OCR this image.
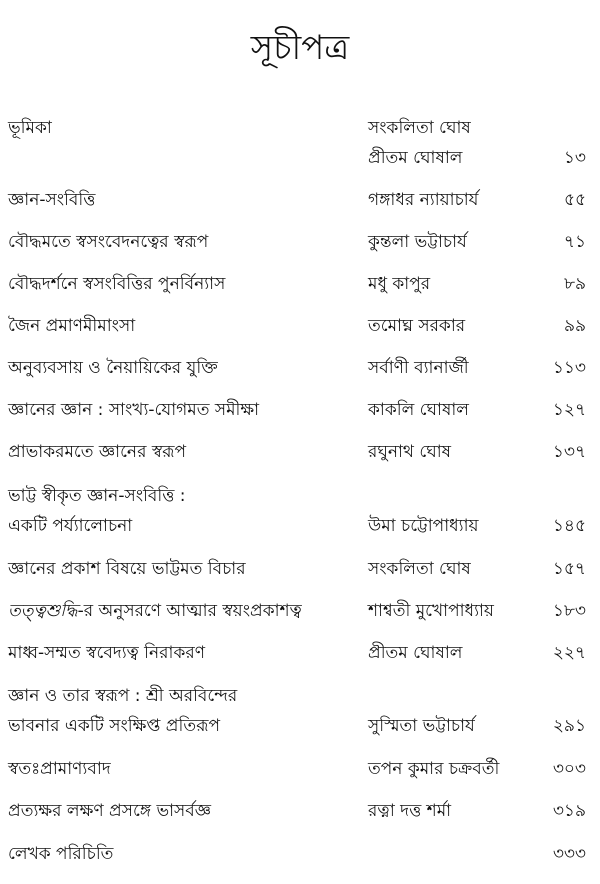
সূচীপত্র
ভূমিকা	সংকলিতা ঘোষ
প্রীতম ঘোষাল	১৩
জ্ঞান-সংবিত্তি	গঙ্গাধর ন্যায়াচার্য	৫৫
বৌদ্ধমতে স্বসংবেদনত্বের স্বরূপ	কুন্তলা ভট্টাচার্য	৭১
বৌদ্ধদর্শনে স্বসংবিত্তির পুনর্বিন্যাস	মধু কাপুর	৮৯
জৈন প্রমাণমীমাংসা	তমোঘ্ন সরকার	৯৯
অনুব্যবসায় ও নৈয়ায়িকের যুক্তি	সর্বাণী ব্যানার্জী	১১৩
জ্ঞানের জ্ঞান : সাংখ্য-যোগমত সমীক্ষা	কাকলি ঘোষাল	১২৭
প্রাভাকরমতে জ্ঞানের স্বরূপ	রঘুনাথ ঘোষ	১৩৭
ভাট্ট স্বীকৃত জ্ঞান-সংবিত্তি :
একটি পর্য্যালোচনা	উমা চট্টোপাধ্যায়	১৪৫
জ্ঞানের প্রকাশ বিষয়ে ভাট্টমত বিচার	সংকলিতা ঘোষ	১৫৭
তত্ত্বশুদ্ধি-র অনুসরণে আত্মার স্বয়ংপ্রকাশত্ব	শাশ্বতী মুখোপাধ্যায়	১৮৩
মাধ্ব-সম্মত স্ববেদ্যত্ব নিরাকরণ	প্রীতম ঘোষাল	২২৭
জ্ঞান ও তার স্বরূপ : শ্রী অরবিন্দের
ভাবনার একটি সংক্ষিপ্ত প্রতিরূপ	সুস্মিতা ভট্টাচার্য	২৯১
স্বতঃপ্রামাণ্যবাদ	তপন কুমার চক্রবর্তী	৩০৩
প্রত্যক্ষর লক্ষণ প্রসঙ্গে ভাসর্বজ্ঞ	রত্না দত্ত শর্মা	৩১৯
লেখক পরিচিতি	৩৩৩
